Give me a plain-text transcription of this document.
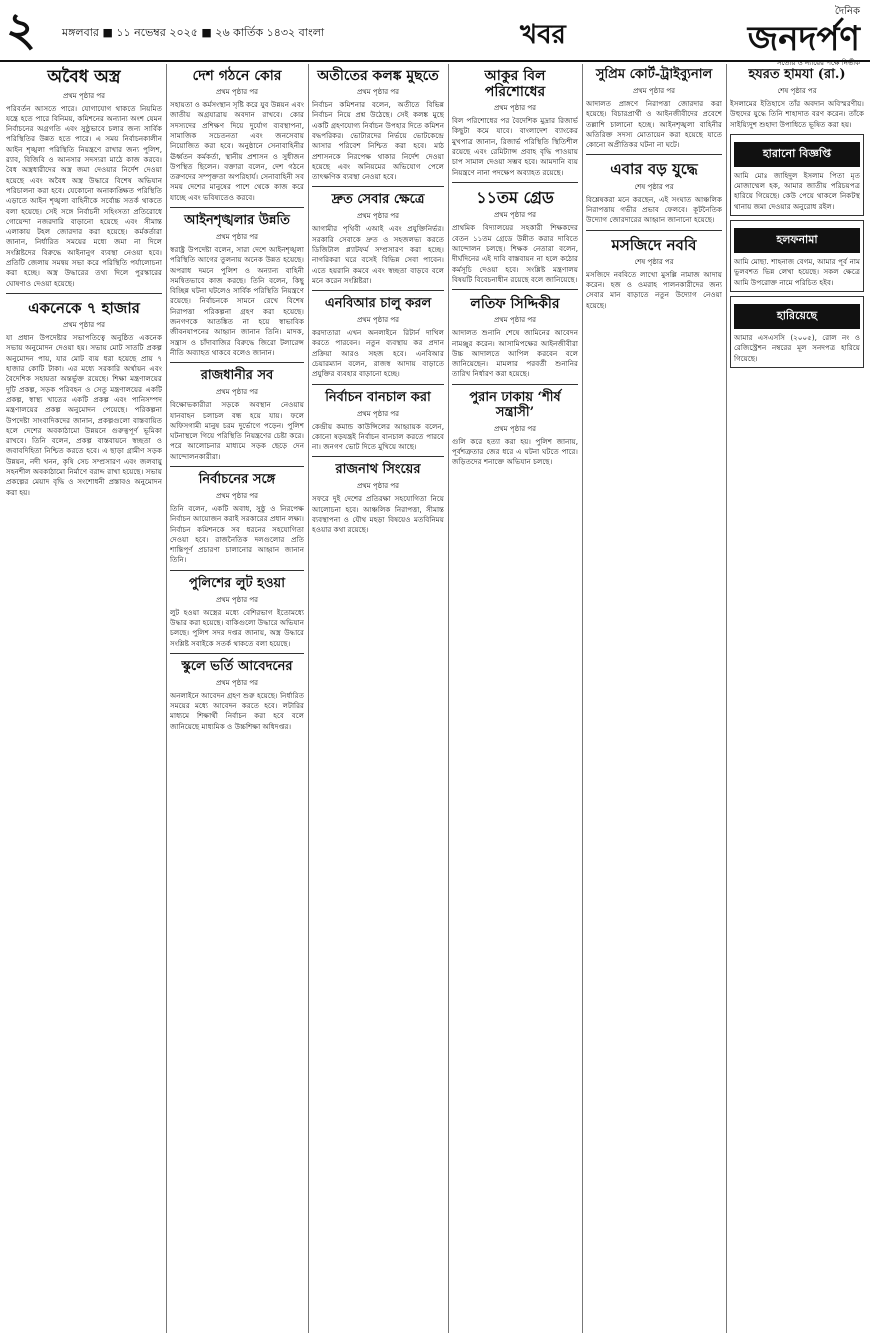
২ মঙ্গলবার ■ ১১ নভেম্বর ২০২৫ ■ ২৬ কার্তিক ১৪৩২ বাংলা	খবর
দৈনিক
জনদর্পণ
সত্যের ও ন্যায়ের পক্ষে নির্ভীক
অবৈধ অস্ত্র
প্রথম পৃষ্ঠার পর
পরিবর্তন আসতে পারে। যোগাযোগ থাকতে নিয়মিত যন্ত্রে হতে পারে বিনিময়, কমিশনের অন্যান্য অংশ যেমন নির্বাচনের অগ্রগতি এবং সুষ্ঠুভাবে চলার জন্য সার্বিক পরিস্থিতির উন্নত হতে পারে। এ সময় নির্বাচনকালীন আইন শৃঙ্খলা পরিস্থিতি নিয়ন্ত্রণে রাখার জন্য পুলিশ, র‍্যাব, বিজিবি ও আনসার সদস্যরা মাঠে কাজ করবে। বৈধ অস্ত্রধারীদের অস্ত্র জমা দেওয়ার নির্দেশ দেওয়া হয়েছে এবং অবৈধ অস্ত্র উদ্ধারে বিশেষ অভিযান পরিচালনা করা হবে। যেকোনো অনাকাঙ্ক্ষিত পরিস্থিতি এড়াতে আইন শৃঙ্খলা বাহিনীকে সর্বোচ্চ সতর্ক থাকতে বলা হয়েছে। সেই সঙ্গে নির্বাচনী সহিংসতা প্রতিরোধে গোয়েন্দা নজরদারি বাড়ানো হয়েছে এবং সীমান্ত এলাকায় টহল জোরদার করা হয়েছে। কর্মকর্তারা জানান, নির্ধারিত সময়ের মধ্যে জমা না দিলে সংশ্লিষ্টদের বিরুদ্ধে আইনানুগ ব্যবস্থা নেওয়া হবে। প্রতিটি জেলায় সমন্বয় সভা করে পরিস্থিতি পর্যালোচনা করা হচ্ছে। অস্ত্র উদ্ধারের তথ্য দিলে পুরস্কারের ঘোষণাও দেওয়া হয়েছে।
একনেকে ৭ হাজার
প্রথম পৃষ্ঠার পর
যা প্রধান উপদেষ্টার সভাপতিত্বে অনুষ্ঠিত একনেক সভায় অনুমোদন দেওয়া হয়। সভায় মোট সাতটি প্রকল্প অনুমোদন পায়, যার মোট ব্যয় ধরা হয়েছে প্রায় ৭ হাজার কোটি টাকা। এর মধ্যে সরকারি অর্থায়ন এবং বৈদেশিক সহায়তা অন্তর্ভুক্ত রয়েছে। শিক্ষা মন্ত্রণালয়ের দুটি প্রকল্প, সড়ক পরিবহন ও সেতু মন্ত্রণালয়ের একটি প্রকল্প, স্বাস্থ্য খাতের একটি প্রকল্প এবং পানিসম্পদ মন্ত্রণালয়ের প্রকল্প অনুমোদন পেয়েছে। পরিকল্পনা উপদেষ্টা সাংবাদিকদের জানান, প্রকল্পগুলো বাস্তবায়িত হলে দেশের অবকাঠামো উন্নয়নে গুরুত্বপূর্ণ ভূমিকা রাখবে। তিনি বলেন, প্রকল্প বাস্তবায়নে স্বচ্ছতা ও জবাবদিহিতা নিশ্চিত করতে হবে। এ ছাড়া গ্রামীণ সড়ক উন্নয়ন, নদী খনন, কৃষি সেচ সম্প্রসারণ এবং জলবায়ু সহনশীল অবকাঠামো নির্মাণে বরাদ্দ রাখা হয়েছে। সভায় প্রকল্পের মেয়াদ বৃদ্ধি ও সংশোধনী প্রস্তাবও অনুমোদন করা হয়।
দেশ গঠনে কোর
প্রথম পৃষ্ঠার পর
সহায়তা ও কর্মসংস্থান সৃষ্টি করে যুব উন্নয়ন এবং জাতীয় অগ্রযাত্রায় অবদান রাখবে। কোর সদস্যদের প্রশিক্ষণ দিয়ে দুর্যোগ ব্যবস্থাপনা, সামাজিক সচেতনতা এবং জনসেবায় নিয়োজিত করা হবে। অনুষ্ঠানে সেনাবাহিনীর ঊর্ধ্বতন কর্মকর্তা, স্থানীয় প্রশাসন ও সুধীজন উপস্থিত ছিলেন। বক্তারা বলেন, দেশ গঠনে তরুণদের সম্পৃক্ততা অপরিহার্য। সেনাবাহিনী সব সময় দেশের মানুষের পাশে থেকে কাজ করে যাচ্ছে এবং ভবিষ্যতেও করবে।
আইনশৃঙ্খলার উন্নতি
প্রথম পৃষ্ঠার পর
স্বরাষ্ট্র উপদেষ্টা বলেন, সারা দেশে আইনশৃঙ্খলা পরিস্থিতি আগের তুলনায় অনেক উন্নত হয়েছে। অপরাধ দমনে পুলিশ ও অন্যান্য বাহিনী সমন্বিতভাবে কাজ করছে। তিনি বলেন, কিছু বিচ্ছিন্ন ঘটনা ঘটলেও সার্বিক পরিস্থিতি নিয়ন্ত্রণে রয়েছে। নির্বাচনকে সামনে রেখে বিশেষ নিরাপত্তা পরিকল্পনা গ্রহণ করা হয়েছে। জনগণকে আতঙ্কিত না হয়ে স্বাভাবিক জীবনযাপনের আহ্বান জানান তিনি। মাদক, সন্ত্রাস ও চাঁদাবাজির বিরুদ্ধে জিরো টলারেন্স নীতি অব্যাহত থাকবে বলেও জানান।
রাজধানীর সব
প্রথম পৃষ্ঠার পর
বিক্ষোভকারীরা সড়কে অবস্থান নেওয়ায় যানবাহন চলাচল বন্ধ হয়ে যায়। ফলে অফিসগামী মানুষ চরম দুর্ভোগে পড়েন। পুলিশ ঘটনাস্থলে গিয়ে পরিস্থিতি নিয়ন্ত্রণের চেষ্টা করে। পরে আলোচনার মাধ্যমে সড়ক ছেড়ে দেন আন্দোলনকারীরা।
নির্বাচনের সঙ্গে
প্রথম পৃষ্ঠার পর
তিনি বলেন, একটি অবাধ, সুষ্ঠু ও নিরপেক্ষ নির্বাচন আয়োজন করাই সরকারের প্রধান লক্ষ্য। নির্বাচন কমিশনকে সব ধরনের সহযোগিতা দেওয়া হবে। রাজনৈতিক দলগুলোর প্রতি শান্তিপূর্ণ প্রচারণা চালানোর আহ্বান জানান তিনি।
পুলিশের লুট হওয়া
প্রথম পৃষ্ঠার পর
লুট হওয়া অস্ত্রের মধ্যে বেশিরভাগ ইতোমধ্যে উদ্ধার করা হয়েছে। বাকিগুলো উদ্ধারে অভিযান চলছে। পুলিশ সদর দপ্তর জানায়, অস্ত্র উদ্ধারে সংশ্লিষ্ট সবাইকে সতর্ক থাকতে বলা হয়েছে।
স্কুলে ভর্তি আবেদনের
প্রথম পৃষ্ঠার পর
অনলাইনে আবেদন গ্রহণ শুরু হয়েছে। নির্ধারিত সময়ের মধ্যে আবেদন করতে হবে। লটারির মাধ্যমে শিক্ষার্থী নির্বাচন করা হবে বলে জানিয়েছে মাধ্যমিক ও উচ্চশিক্ষা অধিদপ্তর।
অতীতের কলঙ্ক মুছতে
প্রথম পৃষ্ঠার পর
নির্বাচন কমিশনার বলেন, অতীতে বিভিন্ন নির্বাচন নিয়ে প্রশ্ন উঠেছে। সেই কলঙ্ক মুছে একটি গ্রহণযোগ্য নির্বাচন উপহার দিতে কমিশন বদ্ধপরিকর। ভোটারদের নির্ভয়ে ভোটকেন্দ্রে আসার পরিবেশ নিশ্চিত করা হবে। মাঠ প্রশাসনকে নিরপেক্ষ থাকার নির্দেশ দেওয়া হয়েছে এবং অনিয়মের অভিযোগ পেলে তাৎক্ষণিক ব্যবস্থা নেওয়া হবে।
দ্রুত সেবার ক্ষেত্রে
প্রথম পৃষ্ঠার পর
আগামীর পৃথিবী এআই এবং প্রযুক্তিনির্ভর। সরকারি সেবাকে দ্রুত ও সহজলভ্য করতে ডিজিটাল প্ল্যাটফর্ম সম্প্রসারণ করা হচ্ছে। নাগরিকরা ঘরে বসেই বিভিন্ন সেবা পাবেন। এতে হয়রানি কমবে এবং স্বচ্ছতা বাড়বে বলে মনে করেন সংশ্লিষ্টরা।
এনবিআর চালু করল
প্রথম পৃষ্ঠার পর
করদাতারা এখন অনলাইনে রিটার্ন দাখিল করতে পারবেন। নতুন ব্যবস্থায় কর প্রদান প্রক্রিয়া আরও সহজ হবে। এনবিআর চেয়ারম্যান বলেন, রাজস্ব আদায় বাড়াতে প্রযুক্তির ব্যবহার বাড়ানো হচ্ছে।
নির্বাচন বানচাল করা
প্রথম পৃষ্ঠার পর
কেন্দ্রীয় কমান্ড কাউন্সিলের আহ্বায়ক বলেন, কোনো ষড়যন্ত্রই নির্বাচন বানচাল করতে পারবে না। জনগণ ভোট দিতে মুখিয়ে আছে।
রাজনাথ সিংয়ের
প্রথম পৃষ্ঠার পর
সফরে দুই দেশের প্রতিরক্ষা সহযোগিতা নিয়ে আলোচনা হবে। আঞ্চলিক নিরাপত্তা, সীমান্ত ব্যবস্থাপনা ও যৌথ মহড়া বিষয়েও মতবিনিময় হওয়ার কথা রয়েছে।
আকুর বিল পরিশোধের
প্রথম পৃষ্ঠার পর
বিল পরিশোধের পর বৈদেশিক মুদ্রার রিজার্ভ কিছুটা কমে যাবে। বাংলাদেশ ব্যাংকের মুখপাত্র জানান, রিজার্ভ পরিস্থিতি স্থিতিশীল রয়েছে এবং রেমিট্যান্স প্রবাহ বৃদ্ধি পাওয়ায় চাপ সামাল দেওয়া সম্ভব হবে। আমদানি ব্যয় নিয়ন্ত্রণে নানা পদক্ষেপ অব্যাহত রয়েছে।
১১তম গ্রেড
প্রথম পৃষ্ঠার পর
প্রাথমিক বিদ্যালয়ের সহকারী শিক্ষকদের বেতন ১১তম গ্রেডে উন্নীত করার দাবিতে আন্দোলন চলছে। শিক্ষক নেতারা বলেন, দীর্ঘদিনের এই দাবি বাস্তবায়ন না হলে কঠোর কর্মসূচি দেওয়া হবে। সংশ্লিষ্ট মন্ত্রণালয় বিষয়টি বিবেচনাধীন রয়েছে বলে জানিয়েছে।
লতিফ সিদ্দিকীর
প্রথম পৃষ্ঠার পর
আদালত শুনানি শেষে জামিনের আবেদন নামঞ্জুর করেন। আসামিপক্ষের আইনজীবীরা উচ্চ আদালতে আপিল করবেন বলে জানিয়েছেন। মামলার পরবর্তী শুনানির তারিখ নির্ধারণ করা হয়েছে।
পুরান ঢাকায় ‘শীর্ষ সন্ত্রাসী’
প্রথম পৃষ্ঠার পর
গুলি করে হত্যা করা হয়। পুলিশ জানায়, পূর্বশত্রুতার জের ধরে এ ঘটনা ঘটতে পারে। জড়িতদের শনাক্তে অভিযান চলছে।
সুপ্রিম কোর্ট-ট্রাইব্যুনাল
প্রথম পৃষ্ঠার পর
আদালত প্রাঙ্গণে নিরাপত্তা জোরদার করা হয়েছে। বিচারপ্রার্থী ও আইনজীবীদের প্রবেশে তল্লাশি চালানো হচ্ছে। আইনশৃঙ্খলা বাহিনীর অতিরিক্ত সদস্য মোতায়েন করা হয়েছে যাতে কোনো অপ্রীতিকর ঘটনা না ঘটে।
এবার বড় যুদ্ধে
শেষ পৃষ্ঠার পর
বিশ্লেষকরা মনে করছেন, এই সংঘাত আঞ্চলিক নিরাপত্তায় গভীর প্রভাব ফেলবে। কূটনৈতিক উদ্যোগ জোরদারের আহ্বান জানানো হয়েছে।
মসজিদে নববি
শেষ পৃষ্ঠার পর
মসজিদে নববিতে লাখো মুসল্লি নামাজ আদায় করেন। হজ ও ওমরাহ পালনকারীদের জন্য সেবার মান বাড়াতে নতুন উদ্যোগ নেওয়া হয়েছে।
হযরত হামযা (রা.)
শেষ পৃষ্ঠার পর
ইসলামের ইতিহাসে তাঁর অবদান অবিস্মরণীয়। উহুদের যুদ্ধে তিনি শাহাদাত বরণ করেন। তাঁকে সাইয়্যিদুশ শুহাদা উপাধিতে ভূষিত করা হয়।
হারানো বিজ্ঞপ্তি
আমি মোঃ জাহিদুল ইসলাম পিতা মৃত মোজাম্মেল হক, আমার জাতীয় পরিচয়পত্র হারিয়ে গিয়েছে। কেউ পেয়ে থাকলে নিকটস্থ থানায় জমা দেওয়ার অনুরোধ রইল।
হলফনামা
আমি মোছা. শাহনাজ বেগম, আমার পূর্ব নাম ভুলবশত ভিন্ন লেখা হয়েছে। সকল ক্ষেত্রে আমি উপরোক্ত নামে পরিচিত হইব।
হারিয়েছে
আমার এসএসসি (২০০৫), রোল নং ও রেজিস্ট্রেশন নম্বরের মূল সনদপত্র হারিয়ে গিয়েছে।
